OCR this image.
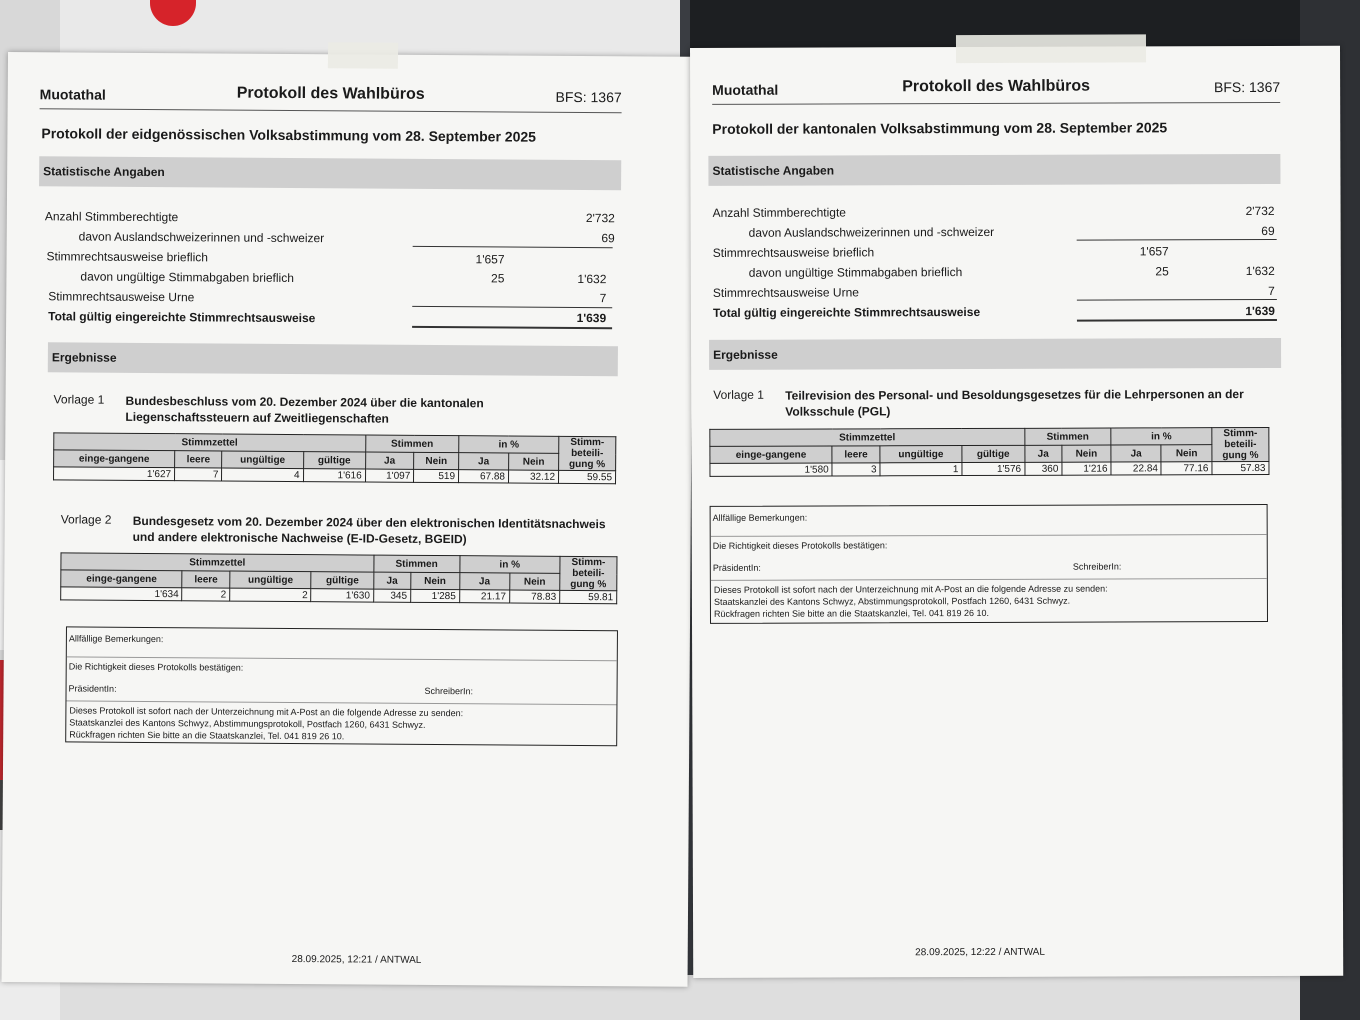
Muotathal	Protokoll des Wahlbüros	BFS: 1367
Protokoll der eidgenössischen Volksabstimmung vom 28. September 2025
Statistische Angaben
Anzahl Stimmberechtigte	2'732
davon Auslandschweizerinnen und -schweizer	69
Stimmrechtsausweise brieflich	1'657
davon ungültige Stimmabgaben brieflich	25	1'632
Stimmrechtsausweise Urne	7
Total gültig eingereichte Stimmrechtsausweise	1'639
Ergebnisse
Vorlage 1 Bundesbeschluss vom 20. Dezember 2024 über die kantonalen Liegenschaftssteuern auf Zweitliegenschaften
Stimmzettel				Stimmen		in %		Stimm-beteili-gung %
einge-gangene	leere	ungültige	gültige	Ja	Nein	Ja	Nein	
1'627	7	4	1'616	1'097	519	67.88	32.12	59.55
Vorlage 2 Bundesgesetz vom 20. Dezember 2024 über den elektronischen Identitätsnachweis und andere elektronische Nachweise (E-ID-Gesetz, BGEID)
Stimmzettel				Stimmen		in %		Stimm-beteili-gung %
einge-gangene	leere	ungültige	gültige	Ja	Nein	Ja	Nein	
1'634	2	2	1'630	345	1'285	21.17	78.83	59.81
Allfällige Bemerkungen:
Die Richtigkeit dieses Protokolls bestätigen:
PräsidentIn:	SchreiberIn:
Dieses Protokoll ist sofort nach der Unterzeichnung mit A-Post an die folgende Adresse zu senden:
Staatskanzlei des Kantons Schwyz, Abstimmungsprotokoll, Postfach 1260, 6431 Schwyz.
Rückfragen richten Sie bitte an die Staatskanzlei, Tel. 041 819 26 10.
28.09.2025, 12:21 / ANTWAL
Muotathal	Protokoll des Wahlbüros	BFS: 1367
Protokoll der kantonalen Volksabstimmung vom 28. September 2025
Statistische Angaben
Anzahl Stimmberechtigte	2'732
davon Auslandschweizerinnen und -schweizer	69
Stimmrechtsausweise brieflich	1'657
davon ungültige Stimmabgaben brieflich	25	1'632
Stimmrechtsausweise Urne	7
Total gültig eingereichte Stimmrechtsausweise	1'639
Ergebnisse
Vorlage 1 Teilrevision des Personal- und Besoldungsgesetzes für die Lehrpersonen an der Volksschule (PGL)
Stimmzettel				Stimmen		in %		Stimm-beteili-gung %
einge-gangene	leere	ungültige	gültige	Ja	Nein	Ja	Nein	
1'580	3	1	1'576	360	1'216	22.84	77.16	57.83
Allfällige Bemerkungen:
Die Richtigkeit dieses Protokolls bestätigen:
PräsidentIn:	SchreiberIn:
Dieses Protokoll ist sofort nach der Unterzeichnung mit A-Post an die folgende Adresse zu senden:
Staatskanzlei des Kantons Schwyz, Abstimmungsprotokoll, Postfach 1260, 6431 Schwyz.
Rückfragen richten Sie bitte an die Staatskanzlei, Tel. 041 819 26 10.
28.09.2025, 12:22 / ANTWAL
